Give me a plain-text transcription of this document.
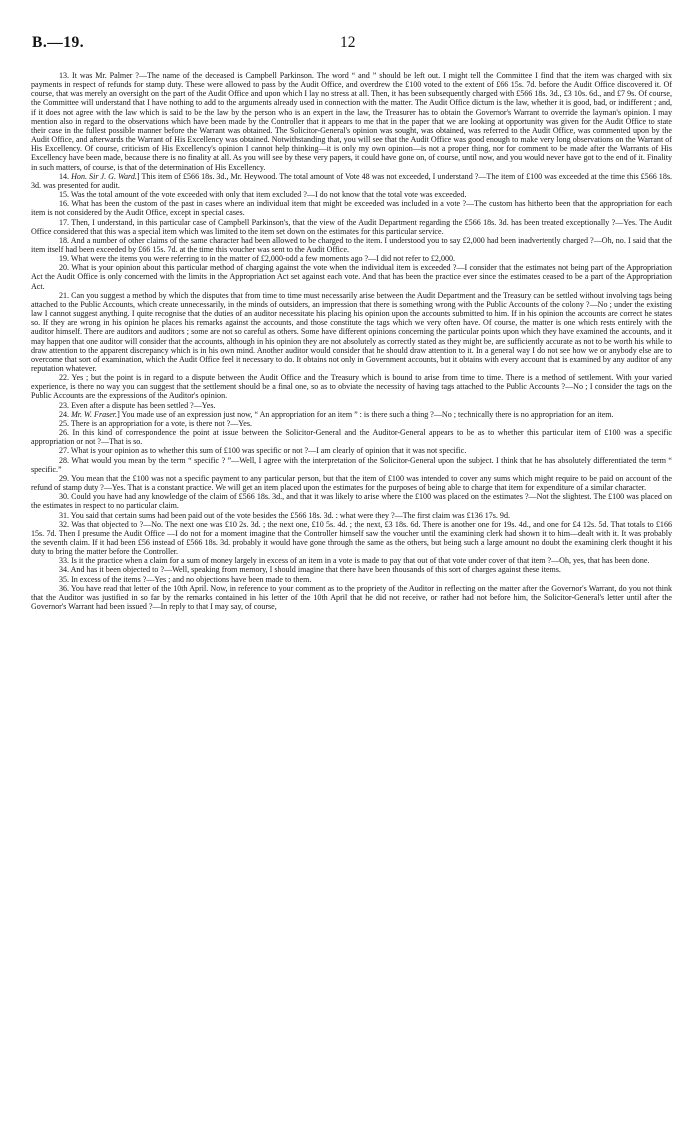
B.—19.	12

13. It was Mr. Palmer ?—The name of the deceased is Campbell Parkinson. The word “ and ” should be left out. I might tell the Committee I find that the item was charged with six payments in respect of refunds for stamp duty. These were allowed to pass by the Audit Office, and overdrew the £100 voted to the extent of £66 15s. 7d. before the Audit Office discovered it. Of course, that was merely an oversight on the part of the Audit Office and upon which I lay no stress at all. Then, it has been subsequently charged with £566 18s. 3d., £3 10s. 6d., and £7 9s. Of course, the Committee will understand that I have nothing to add to the arguments already used in connection with the matter. The Audit Office dictum is the law, whether it is good, bad, or indifferent ; and, if it does not agree with the law which is said to be the law by the person who is an expert in the law, the Treasurer has to obtain the Governor's Warrant to override the layman's opinion. I may mention also in regard to the observations which have been made by the Controller that it appears to me that in the paper that we are looking at opportunity was given for the Audit Office to state their case in the fullest possible manner before the Warrant was obtained. The Solicitor-General's opinion was sought, was obtained, was referred to the Audit Office, was commented upon by the Audit Office, and afterwards the Warrant of His Excellency was obtained. Notwithstanding that, you will see that the Audit Office was good enough to make very long observations on the Warrant of His Excellency. Of course, criticism of His Excellency's opinion I cannot help thinking—it is only my own opinion—is not a proper thing, nor for comment to be made after the Warrants of His Excellency have been made, because there is no finality at all. As you will see by these very papers, it could have gone on, of course, until now, and you would never have got to the end of it. Finality in such matters, of course, is that of the determination of His Excellency.

14. Hon. Sir J. G. Ward.] This item of £566 18s. 3d., Mr. Heywood. The total amount of Vote 48 was not exceeded, I understand ?—The item of £100 was exceeded at the time this £566 18s. 3d. was presented for audit.

15. Was the total amount of the vote exceeded with only that item excluded ?—I do not know that the total vote was exceeded.

16. What has been the custom of the past in cases where an individual item that might be exceeded was included in a vote ?—The custom has hitherto been that the appropriation for each item is not considered by the Audit Office, except in special cases.

17. Then, I understand, in this particular case of Campbell Parkinson's, that the view of the Audit Department regarding the £566 18s. 3d. has been treated exceptionally ?—Yes. The Audit Office considered that this was a special item which was limited to the item set down on the estimates for this particular service.

18. And a number of other claims of the same character had been allowed to be charged to the item. I understood you to say £2,000 had been inadvertently charged ?—Oh, no. I said that the item itself had been exceeded by £66 15s. 7d. at the time this voucher was sent to the Audit Office.

19. What were the items you were referring to in the matter of £2,000-odd a few moments ago ?—I did not refer to £2,000.

20. What is your opinion about this particular method of charging against the vote when the individual item is exceeded ?—I consider that the estimates not being part of the Appropriation Act the Audit Office is only concerned with the limits in the Appropriation Act set against each vote. And that has been the practice ever since the estimates ceased to be a part of the Appropriation Act.

21. Can you suggest a method by which the disputes that from time to time must necessarily arise between the Audit Department and the Treasury can be settled without involving tags being attached to the Public Accounts, which create unnecessarily, in the minds of outsiders, an impression that there is something wrong with the Public Accounts of the colony ?—No ; under the existing law I cannot suggest anything. I quite recognise that the duties of an auditor necessitate his placing his opinion upon the accounts submitted to him. If in his opinion the accounts are correct he states so. If they are wrong in his opinion he places his remarks against the accounts, and those constitute the tags which we very often have. Of course, the matter is one which rests entirely with the auditor himself. There are auditors and auditors ; some are not so careful as others. Some have different opinions concerning the particular points upon which they have examined the accounts, and it may happen that one auditor will consider that the accounts, although in his opinion they are not absolutely as correctly stated as they might be, are sufficiently accurate as not to be worth his while to draw attention to the apparent discrepancy which is in his own mind. Another auditor would consider that he should draw attention to it. In a general way I do not see how we or anybody else are to overcome that sort of examination, which the Audit Office feel it necessary to do. It obtains not only in Government accounts, but it obtains with every account that is examined by any auditor of any reputation whatever.

22. Yes ; but the point is in regard to a dispute between the Audit Office and the Treasury which is bound to arise from time to time. There is a method of settlement. With your varied experience, is there no way you can suggest that the settlement should be a final one, so as to obviate the necessity of having tags attached to the Public Accounts ?—No ; I consider the tags on the Public Accounts are the expressions of the Auditor's opinion.

23. Even after a dispute has been settled ?—Yes.

24. Mr. W. Fraser.] You made use of an expression just now, “ An appropriation for an item ” : is there such a thing ?—No ; technically there is no appropriation for an item.

25. There is an appropriation for a vote, is there not ?—Yes.

26. In this kind of correspondence the point at issue between the Solicitor-General and the Auditor-General appears to be as to whether this particular item of £100 was a specific appropriation or not ?—That is so.

27. What is your opinion as to whether this sum of £100 was specific or not ?—I am clearly of opinion that it was not specific.

28. What would you mean by the term “ specific ? ”—Well, I agree with the interpretation of the Solicitor-General upon the subject. I think that he has absolutely differentiated the term “ specific.”

29. You mean that the £100 was not a specific payment to any particular person, but that the item of £100 was intended to cover any sums which might require to be paid on account of the refund of stamp duty ?—Yes. That is a constant practice. We will get an item placed upon the estimates for the purposes of being able to charge that item for expenditure of a similar character.

30. Could you have had any knowledge of the claim of £566 18s. 3d., and that it was likely to arise where the £100 was placed on the estimates ?—Not the slightest. The £100 was placed on the estimates in respect to no particular claim.

31. You said that certain sums had been paid out of the vote besides the £566 18s. 3d. : what were they ?—The first claim was £136 17s. 9d.

32. Was that objected to ?—No. The next one was £10 2s. 3d. ; the next one, £10 5s. 4d. ; the next, £3 18s. 6d. There is another one for 19s. 4d., and one for £4 12s. 5d. That totals to £166 15s. 7d. Then I presume the Audit Office —I do not for a moment imagine that the Controller himself saw the voucher until the examining clerk had shown it to him—dealt with it. It was probably the seventh claim. If it had been £56 instead of £566 18s. 3d. probably it would have gone through the same as the others, but being such a large amount no doubt the examining clerk thought it his duty to bring the matter before the Controller.

33. Is it the practice when a claim for a sum of money largely in excess of an item in a vote is made to pay that out of that vote under cover of that item ?—Oh, yes, that has been done.

34. And has it been objected to ?—Well, speaking from memory, I should imagine that there have been thousands of this sort of charges against these items.

35. In excess of the items ?—Yes ; and no objections have been made to them.

36. You have read that letter of the 10th April. Now, in reference to your comment as to the propriety of the Auditor in reflecting on the matter after the Governor's Warrant, do you not think that the Auditor was justified in so far by the remarks contained in his letter of the 10th April that he did not receive, or rather had not before him, the Solicitor-General's letter until after the Governor's Warrant had been issued ?—In reply to that I may say, of course,
